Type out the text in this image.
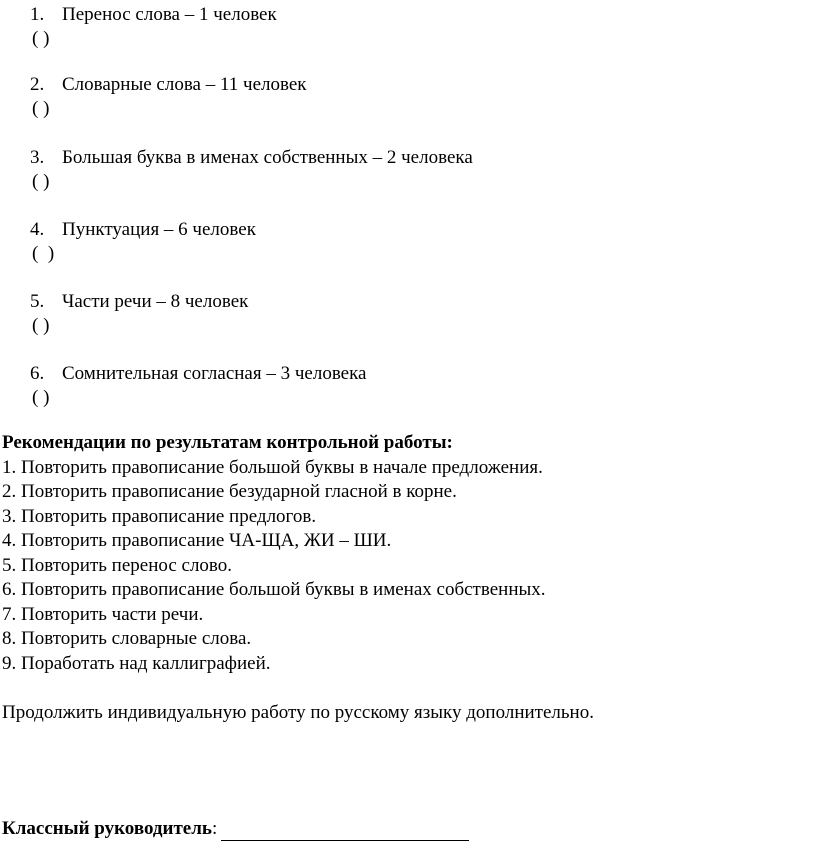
1. Перенос слова – 1 человек
( )
2. Словарные слова – 11 человек
( )
3. Большая буква в именах собственных – 2 человека
( )
4. Пунктуация – 6 человек
(  )
5. Части речи – 8 человек
( )
6. Сомнительная согласная – 3 человека
( )
Рекомендации по результатам контрольной работы:
1. Повторить правописание большой буквы в начале предложения.
2. Повторить правописание безударной гласной в корне.
3. Повторить правописание предлогов.
4. Повторить правописание ЧА-ЩА, ЖИ – ШИ.
5. Повторить перенос слово.
6. Повторить правописание большой буквы в именах собственных.
7. Повторить части речи.
8. Повторить словарные слова.
9. Поработать над каллиграфией.
Продолжить индивидуальную работу по русскому языку дополнительно.
Классный руководитель:
